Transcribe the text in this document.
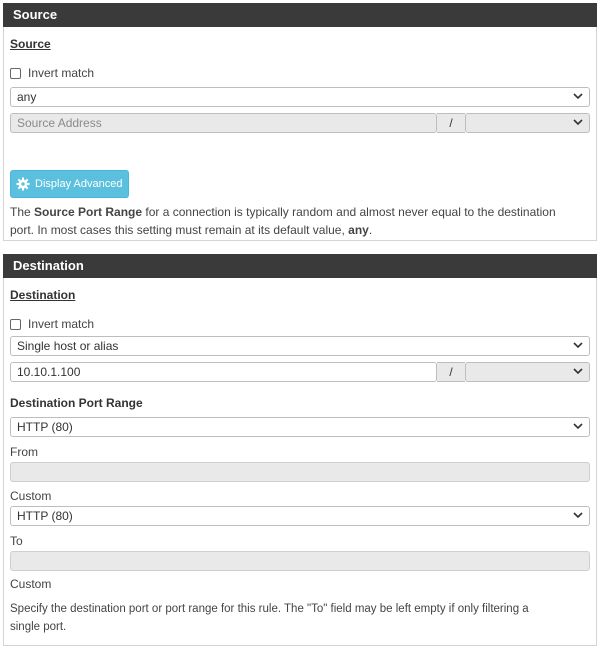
Source
Source
Invert match
any
Source Address	/
Display Advanced
The Source Port Range for a connection is typically random and almost never equal to the destination
port. In most cases this setting must remain at its default value, any.
Destination
Destination
Invert match
Single host or alias
10.10.1.100	/
Destination Port Range
HTTP (80)
From
Custom
HTTP (80)
To
Custom
Specify the destination port or port range for this rule. The "To" field may be left empty if only filtering a
single port.
